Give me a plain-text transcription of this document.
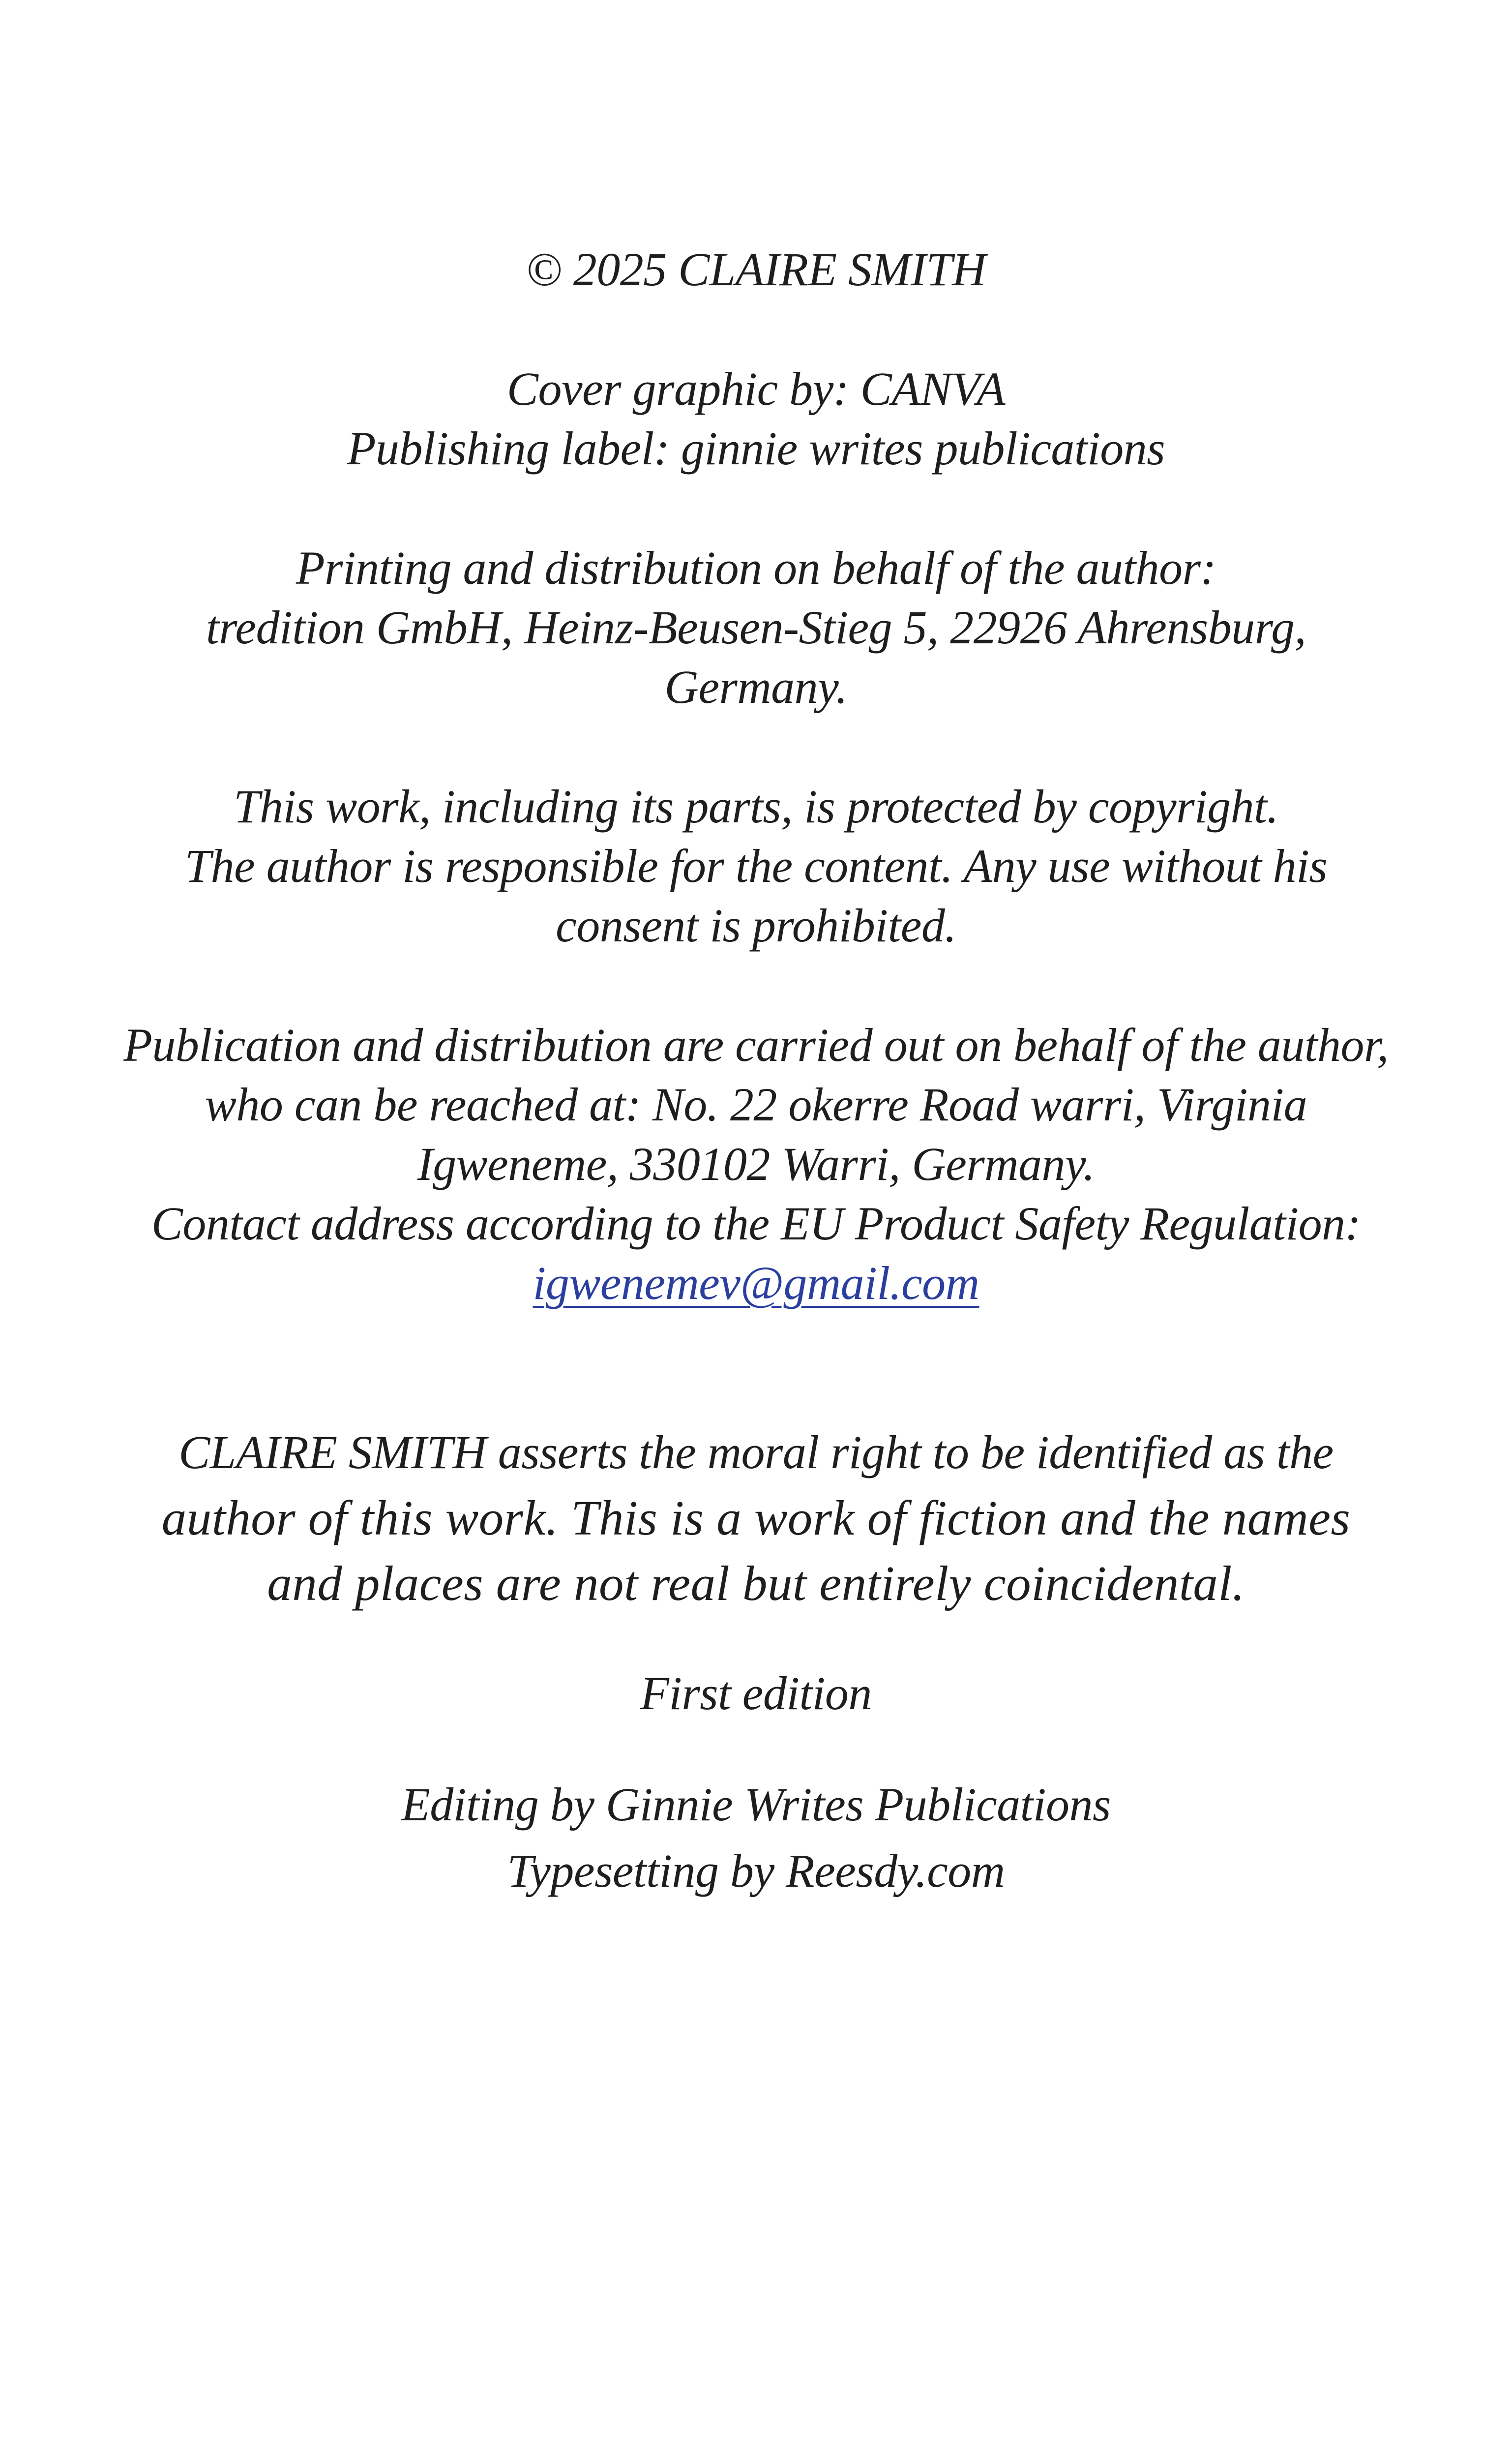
© 2025 CLAIRE SMITH
Cover graphic by: CANVA
Publishing label: ginnie writes publications
Printing and distribution on behalf of the author:
tredition GmbH, Heinz-Beusen-Stieg 5, 22926 Ahrensburg,
Germany.
This work, including its parts, is protected by copyright.
The author is responsible for the content. Any use without his
consent is prohibited.
Publication and distribution are carried out on behalf of the author,
who can be reached at: No. 22 okerre Road warri, Virginia
Igweneme, 330102 Warri, Germany.
Contact address according to the EU Product Safety Regulation:
igwenemev@gmail.com
CLAIRE SMITH asserts the moral right to be identified as the
author of this work. This is a work of fiction and the names
and places are not real but entirely coincidental.
First edition
Editing by Ginnie Writes Publications
Typesetting by Reesdy.com
